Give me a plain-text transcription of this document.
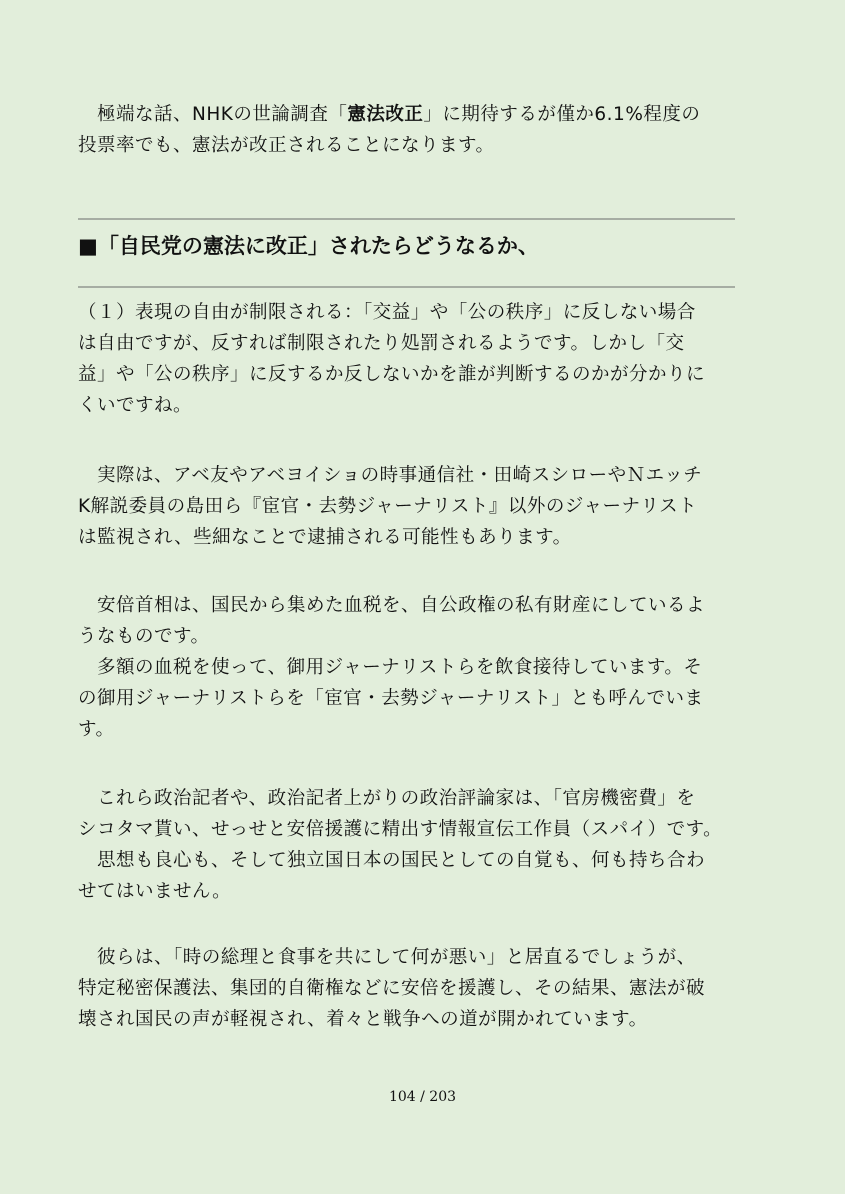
　極端な話、NHKの世論調査「憲法改正」に期待するが僅か6.1%程度の
投票率でも、憲法が改正されることになります。

■「自民党の憲法に改正」されたらどうなるか、

（１）表現の自由が制限される：「交益」や「公の秩序」に反しない場合
は自由ですが、反すれば制限されたり処罰されるようです。しかし「交
益」や「公の秩序」に反するか反しないかを誰が判断するのかが分かりに
くいですね。

　実際は、アベ友やアベヨイショの時事通信社・田崎スシローやＮエッチ
K解説委員の島田ら『宦官・去勢ジャーナリスト』以外のジャーナリスト
は監視され、些細なことで逮捕される可能性もあります。

　安倍首相は、国民から集めた血税を、自公政権の私有財産にしているよ
うなものです。
　多額の血税を使って、御用ジャーナリストらを飲食接待しています。そ
の御用ジャーナリストらを「宦官・去勢ジャーナリスト」とも呼んでいま
す。

　これら政治記者や、政治記者上がりの政治評論家は、「官房機密費」を
シコタマ貰い、せっせと安倍援護に精出す情報宣伝工作員（スパイ）です。
　思想も良心も、そして独立国日本の国民としての自覚も、何も持ち合わ
せてはいません。

　彼らは、「時の総理と食事を共にして何が悪い」と居直るでしょうが、
特定秘密保護法、集団的自衛権などに安倍を援護し、その結果、憲法が破
壊され国民の声が軽視され、着々と戦争への道が開かれています。

104 / 203
